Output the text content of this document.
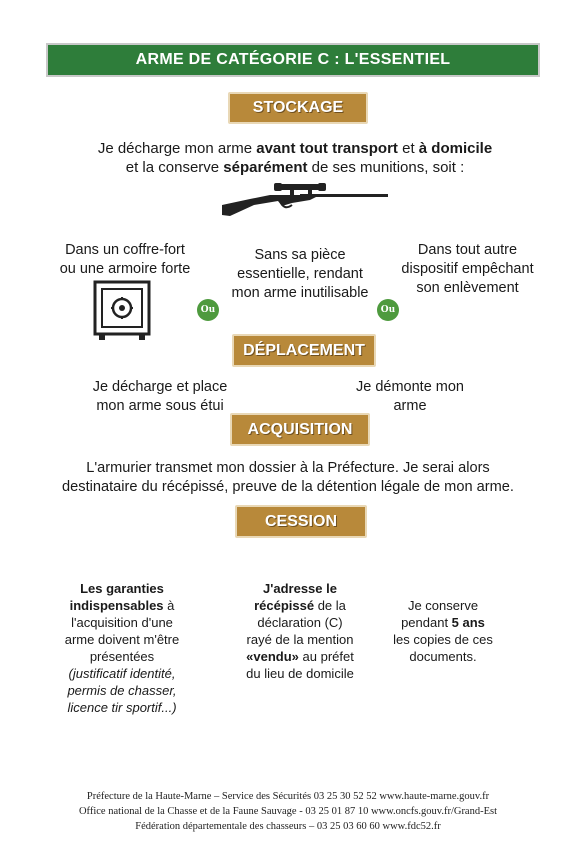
ARME DE CATÉGORIE C : L'ESSENTIEL
STOCKAGE
Je décharge mon arme avant tout transport et à domicile
et la conserve séparément de ses munitions, soit :
Dans un coffre-fort
ou une armoire forte
Sans sa pièce
essentielle, rendant
mon arme inutilisable
Dans tout autre
dispositif empêchant
son enlèvement
Ou	Ou
DÉPLACEMENT
Je décharge et place
mon arme sous étui
Je démonte mon
arme
ACQUISITION
L'armurier transmet mon dossier à la Préfecture. Je serai alors
destinataire du récépissé, preuve de la détention légale de mon arme.
CESSION
Les garanties
indispensables à
l'acquisition d'une
arme doivent m'être
présentées
(justificatif identité,
permis de chasser,
licence tir sportif...)
J'adresse le
récépissé de la
déclaration (C)
rayé de la mention
«vendu» au préfet
du lieu de domicile
Je conserve
pendant 5 ans
les copies de ces
documents.
Préfecture de la Haute-Marne – Service des Sécurités 03 25 30 52 52 www.haute-marne.gouv.fr
Office national de la Chasse et de la Faune Sauvage - 03 25 01 87 10 www.oncfs.gouv.fr/Grand-Est
Fédération départementale des chasseurs – 03 25 03 60 60 www.fdc52.fr
